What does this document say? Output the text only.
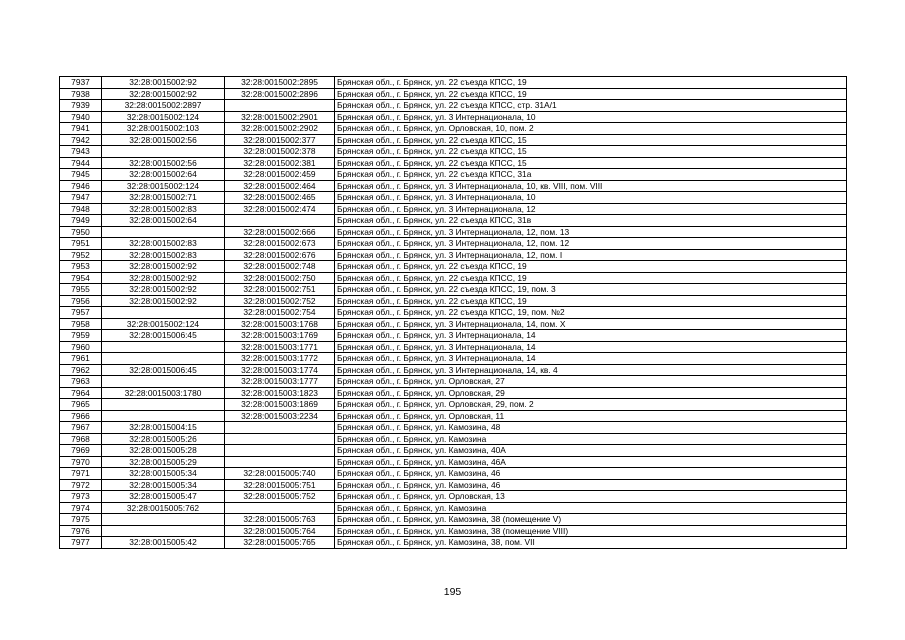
7937	32:28:0015002:92	32:28:0015002:2895	Брянская обл., г. Брянск, ул. 22 съезда КПСС, 19
7938	32:28:0015002:92	32:28:0015002:2896	Брянская обл., г. Брянск, ул. 22 съезда КПСС, 19
7939	32:28:0015002:2897		Брянская обл., г. Брянск, ул. 22 съезда КПСС, стр. 31А/1
7940	32:28:0015002:124	32:28:0015002:2901	Брянская обл., г. Брянск, ул. 3 Интернационала, 10
7941	32:28:0015002:103	32:28:0015002:2902	Брянская обл., г. Брянск, ул. Орловская, 10, пом. 2
7942	32:28:0015002:56	32:28:0015002:377	Брянская обл., г. Брянск, ул. 22 съезда КПСС, 15
7943		32:28:0015002:378	Брянская обл., г. Брянск, ул. 22 съезда КПСС, 15
7944	32:28:0015002:56	32:28:0015002:381	Брянская обл., г. Брянск, ул. 22 съезда КПСС, 15
7945	32:28:0015002:64	32:28:0015002:459	Брянская обл., г. Брянск, ул. 22 съезда КПСС, 31а
7946	32:28:0015002:124	32:28:0015002:464	Брянская обл., г. Брянск, ул. 3 Интернационала, 10, кв. VIII, пом. VIII
7947	32:28:0015002:71	32:28:0015002:465	Брянская обл., г. Брянск, ул. 3 Интернационала, 10
7948	32:28:0015002:83	32:28:0015002:474	Брянская обл., г. Брянск, ул. 3 Интернационала, 12
7949	32:28:0015002:64		Брянская обл., г. Брянск, ул. 22 съезда КПСС, 31в
7950		32:28:0015002:666	Брянская обл., г. Брянск, ул. 3 Интернационала, 12, пом. 13
7951	32:28:0015002:83	32:28:0015002:673	Брянская обл., г. Брянск, ул. 3 Интернационала, 12, пом. 12
7952	32:28:0015002:83	32:28:0015002:676	Брянская обл., г. Брянск, ул. 3 Интернационала, 12, пом. I
7953	32:28:0015002:92	32:28:0015002:748	Брянская обл., г. Брянск, ул. 22 съезда КПСС, 19
7954	32:28:0015002:92	32:28:0015002:750	Брянская обл., г. Брянск, ул. 22 съезда КПСС, 19
7955	32:28:0015002:92	32:28:0015002:751	Брянская обл., г. Брянск, ул. 22 съезда КПСС, 19, пом. 3
7956	32:28:0015002:92	32:28:0015002:752	Брянская обл., г. Брянск, ул. 22 съезда КПСС, 19
7957		32:28:0015002:754	Брянская обл., г. Брянск, ул. 22 съезда КПСС, 19, пом. №2
7958	32:28:0015002:124	32:28:0015003:1768	Брянская обл., г. Брянск, ул. 3 Интернационала, 14, пом. Х
7959	32:28:0015006:45	32:28:0015003:1769	Брянская обл., г. Брянск, ул. 3 Интернационала, 14
7960		32:28:0015003:1771	Брянская обл., г. Брянск, ул. 3 Интернационала, 14
7961		32:28:0015003:1772	Брянская обл., г. Брянск, ул. 3 Интернационала, 14
7962	32:28:0015006:45	32:28:0015003:1774	Брянская обл., г. Брянск, ул. 3 Интернационала, 14, кв. 4
7963		32:28:0015003:1777	Брянская обл., г. Брянск, ул. Орловская, 27
7964	32:28:0015003:1780	32:28:0015003:1823	Брянская обл., г. Брянск, ул. Орловская, 29
7965		32:28:0015003:1869	Брянская обл., г. Брянск, ул. Орловская, 29, пом. 2
7966		32:28:0015003:2234	Брянская обл., г. Брянск, ул. Орловская, 11
7967	32:28:0015004:15		Брянская обл., г. Брянск, ул. Камозина, 48
7968	32:28:0015005:26		Брянская обл., г. Брянск, ул. Камозина
7969	32:28:0015005:28		Брянская обл., г. Брянск, ул. Камозина, 40А
7970	32:28:0015005:29		Брянская обл., г. Брянск, ул. Камозина, 46А
7971	32:28:0015005:34	32:28:0015005:740	Брянская обл., г. Брянск, ул. Камозина, 46
7972	32:28:0015005:34	32:28:0015005:751	Брянская обл., г. Брянск, ул. Камозина, 46
7973	32:28:0015005:47	32:28:0015005:752	Брянская обл., г. Брянск, ул. Орловская, 13
7974	32:28:0015005:762		Брянская обл., г. Брянск, ул. Камозина
7975		32:28:0015005:763	Брянская обл., г. Брянск, ул. Камозина, 38 (помещение V)
7976		32:28:0015005:764	Брянская обл., г. Брянск, ул. Камозина, 38 (помещение VIII)
7977	32:28:0015005:42	32:28:0015005:765	Брянская обл., г. Брянск, ул. Камозина, 38, пом. VII
195
